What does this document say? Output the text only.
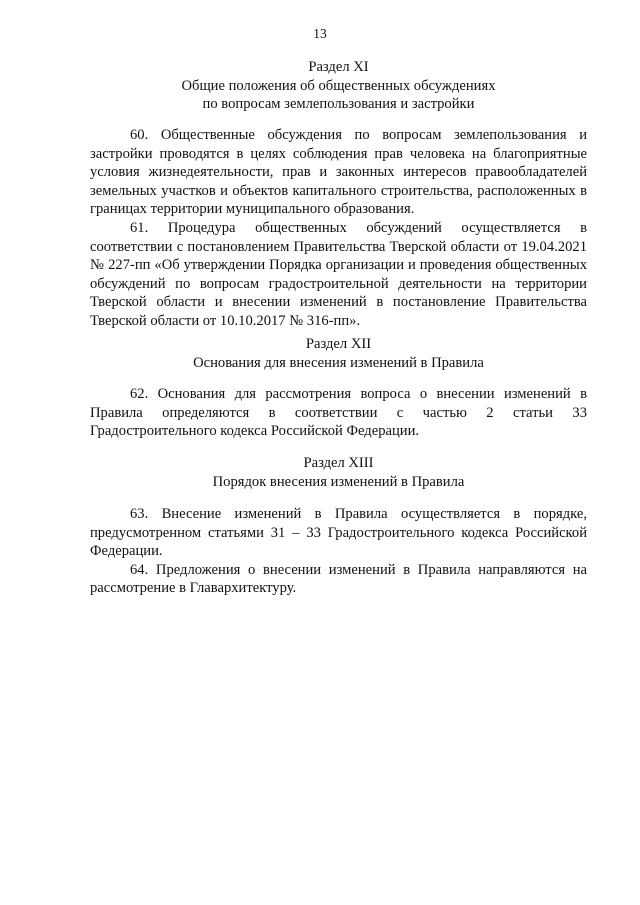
13
Раздел XI
Общие положения об общественных обсуждениях
по вопросам землепользования и застройки

60. Общественные обсуждения по вопросам землепользования и застройки проводятся в целях соблюдения прав человека на благоприятные условия жизнедеятельности, прав и законных интересов правообладателей земельных участков и объектов капитального строительства, расположенных в границах территории муниципального образования.

61. Процедура общественных обсуждений осуществляется в соответствии с постановлением Правительства Тверской области от 19.04.2021 № 227-пп «Об утверждении Порядка организации и проведения общественных обсуждений по вопросам градостроительной деятельности на территории Тверской области и внесении изменений в постановление Правительства Тверской области от 10.10.2017 № 316-пп».

Раздел XII
Основания для внесения изменений в Правила

62. Основания для рассмотрения вопроса о внесении изменений в Правила определяются в соответствии с частью 2 статьи 33 Градостроительного кодекса Российской Федерации.

Раздел XIII
Порядок внесения изменений в Правила

63. Внесение изменений в Правила осуществляется в порядке, предусмотренном статьями 31 – 33 Градостроительного кодекса Российской Федерации.

64. Предложения о внесении изменений в Правила направляются на рассмотрение в Главархитектуру.
